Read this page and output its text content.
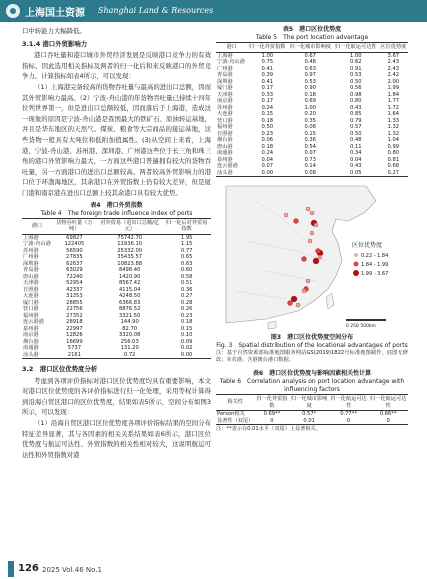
上海国土资源 Shanghai Land & Resources

口中转能力大幅降低。

3.1.4 港口外贸影响力

港口吞吐量和港口城市外贸经济发展是反映港口竞争力的有效指标，因此选用相关指标及两者的归一化后和来反映港口的外贸竞争力。计算指标如表4所示，可以发现：

（1）上海港完备较高的货物吞吐量与最高的进出口总额，因而其外贸影响力最高。（2）宁波-舟山港的年货物吞吐量已持续十四年位列世界第一，但是进出口总额较低，因而落后于上海港，造成这一现象的原因是宁波-舟山港是我国最大的铁矿石、原油转运基地，并且是华东地区的天然气、煤炭、粮食等大宗商品的接运基地，这些货物一般具有大吨位和低附加值属性。(3)从空间上来看，上海港、宁波-舟山港、苏州港、深圳港、广州港这些位于长三角和珠三角的港口外贸影响力最大，一方面这些港口普遍拥有较大的货物吞吐量，另一方面港口的进出口总额较高。两者较高外贸影响力的港口位于环渤海地区，其余港口在外贸指数上仍有较大差异，但是厦门港和南京港在进出口总额上较其余港口具有较大优势。

表4　港口外贸指数
Table 4　The foreign trade influence index of ports
港口	货物吞吐量（万吨）	对外贸易（进出口总额/亿元）	归一化后对外贸易指数
上海港	69827	75742.70	1.95
宁波-舟山港	122405	11936.10	1.15
苏州港	56590	25332.00	0.77
广州港	27835	35435.57	0.65
深圳港	62637	10823.88	0.63
青岛港	63029	8498.40	0.60
唐山港	72240	1420.90	0.58
天津港	52954	8567.42	0.51
日照港	42337	4115.04	0.36
大连港	31353	4248.50	0.27
厦门港	28855	6366.83	0.28
营口港	22756	8876.52	0.26
福州港	27352	3321.50	0.23
连云港港	28918	144.90	0.18
泉州港	22997	82.70	0.15
南京港	12826	3320.08	0.10
烟台港	16699	256.03	0.09
南通港	5737	131.20	0.02
汕头港	2161	0.72	0.00

3.2　港口区位优势度分析

考虑到各项评价指标对港口区位优势度均具有重要影响，本文对港口区位优势度的各评价指标进行归一化处理，采用等权计算得到沿海自贸区港口的区位优势度，结果如表5所示，空间分布如图3所示，可以发现：

（1）沿海自贸区港口区位优势度各项评价指标结果的空间分布特征差异显著，其与各因素的相关关系结果如表6所示，港口区位优势度与航运可达性、外贸指数的相关性相对较大，这说明航运可达性和外贸指数对港

表5　港口区位优势度
Table 5　The port location advantage
港口	归一化外贸指数	归一化城市影响度	归一化航运可达性	区位优势度
上海港	1.00	0.67	1.00	3.67
宁波-舟山港	0.75	0.48	0.62	2.43
广州港	0.41	0.63	0.91	2.43
青岛港	0.39	0.97	0.53	2.42
深圳港	0.41	0.53	0.50	2.00
厦门港	0.17	0.90	0.56	1.99
天津港	0.33	0.18	0.98	1.84
南京港	0.17	0.69	0.80	1.77
苏州港	0.24	1.00	0.43	1.72
大连港	0.15	0.20	0.85	1.64
营口港	0.18	0.35	0.79	1.33
福州港	0.50	0.06	0.57	1.32
日照港	0.23	0.15	0.50	1.32
烟台港	0.06	0.36	0.48	1.04
唐山港	0.18	0.54	0.11	0.99
南通港	0.24	0.07	0.34	0.80
泉州港	0.04	0.73	0.04	0.81
连云港港	0.07	0.14	0.43	0.68
汕头港	0.00	0.08	0.05	0.27
区位优势度
0.22 - 1.84
1.84 - 1.99
1.99 - 3.67
0 250 500km
图3　港口区位优势度空间分布
Fig. 3　Spatial distribution of the locational advantages of ports

注：基于自然资源部标准地图服务网站GS(2019)1822号标准地图制作，底图无修改；本农港，含港澳台港口数据。

表6　港口区位优势度与影响因素相关性计算
Table 6　Correlation analysis on port location advantage with influencing factors
相关性	归一化外贸指数	归一化城市影响度	归一化航运可达性	归一化航运可达性
Person相关	0.69**	0.57*	0.77**	0.66**
显著性（双尾）	0	0.01	0	0

注：**表示在0.01水平（双尾）上显著相关。

126 2025 Vol.46 No.1
